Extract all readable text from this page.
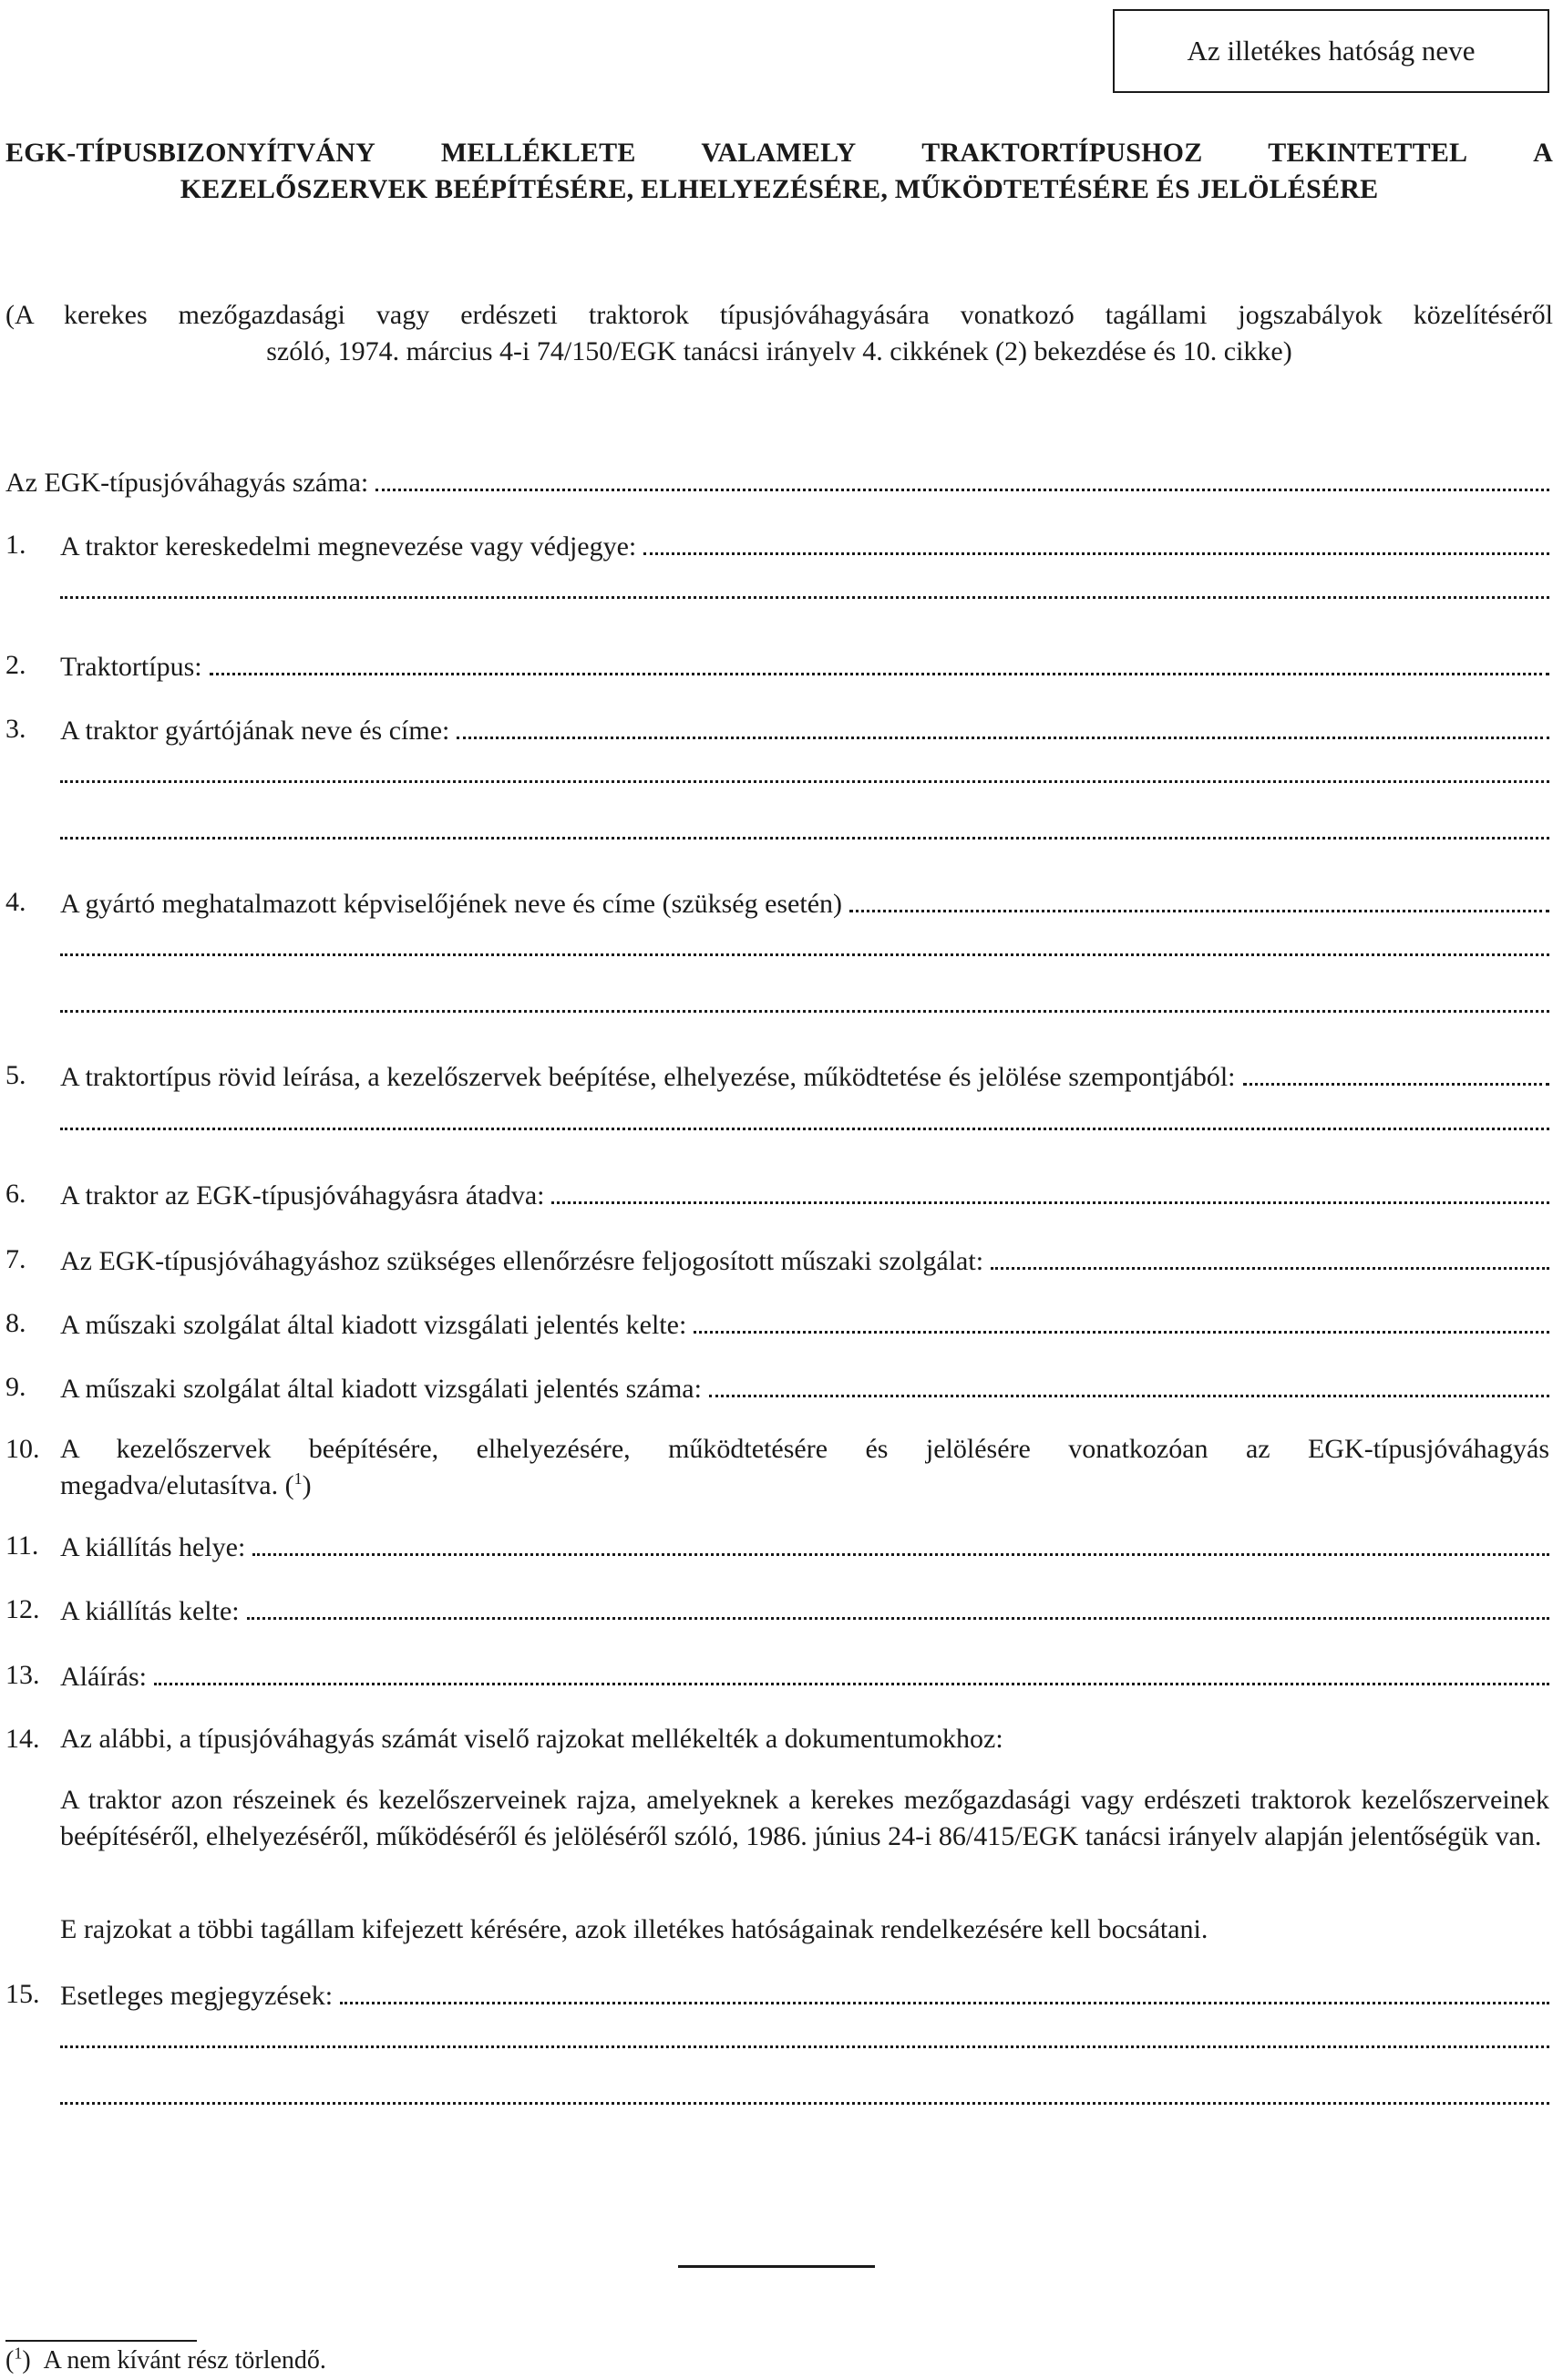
Az illetékes hatóság neve
EGK-TÍPUSBIZONYÍTVÁNY MELLÉKLETE VALAMELY TRAKTORTÍPUSHOZ TEKINTETTEL A
KEZELŐSZERVEK BEÉPÍTÉSÉRE, ELHELYEZÉSÉRE, MŰKÖDTETÉSÉRE ÉS JELÖLÉSÉRE
(A kerekes mezőgazdasági vagy erdészeti traktorok típusjóváhagyására vonatkozó tagállami jogszabályok közelítéséről
szóló, 1974. március 4-i 74/150/EGK tanácsi irányelv 4. cikkének (2) bekezdése és 10. cikke)
Az EGK-típusjóváhagyás száma:
1.	A traktor kereskedelmi megnevezése vagy védjegye:
2.	Traktortípus:
3.	A traktor gyártójának neve és címe:
4.	A gyártó meghatalmazott képviselőjének neve és címe (szükség esetén)
5.	A traktortípus rövid leírása, a kezelőszervek beépítése, elhelyezése, működtetése és jelölése szempontjából:
6.	A traktor az EGK-típusjóváhagyásra átadva:
7.	Az EGK-típusjóváhagyáshoz szükséges ellenőrzésre feljogosított műszaki szolgálat:
8.	A műszaki szolgálat által kiadott vizsgálati jelentés kelte:
9.	A műszaki szolgálat által kiadott vizsgálati jelentés száma:
10. A kezelőszervek beépítésére, elhelyezésére, működtetésére és jelölésére vonatkozóan az EGK-típusjóváhagyás
megadva/elutasítva. ($^1$)
11. A kiállítás helye:
12. A kiállítás kelte:
13. Aláírás:
14. Az alábbi, a típusjóváhagyás számát viselő rajzokat mellékelték a dokumentumokhoz:
A traktor azon részeinek és kezelőszerveinek rajza, amelyeknek a kerekes mezőgazdasági vagy erdészeti traktorok kezelőszerveinek beépítéséről, elhelyezéséről, működéséről és jelöléséről szóló, 1986. június 24-i 86/415/EGK tanácsi irányelv alapján jelentőségük van.
E rajzokat a többi tagállam kifejezett kérésére, azok illetékes hatóságainak rendelkezésére kell bocsátani.
15. Esetleges megjegyzések:
($^1$)  A nem kívánt rész törlendő.
